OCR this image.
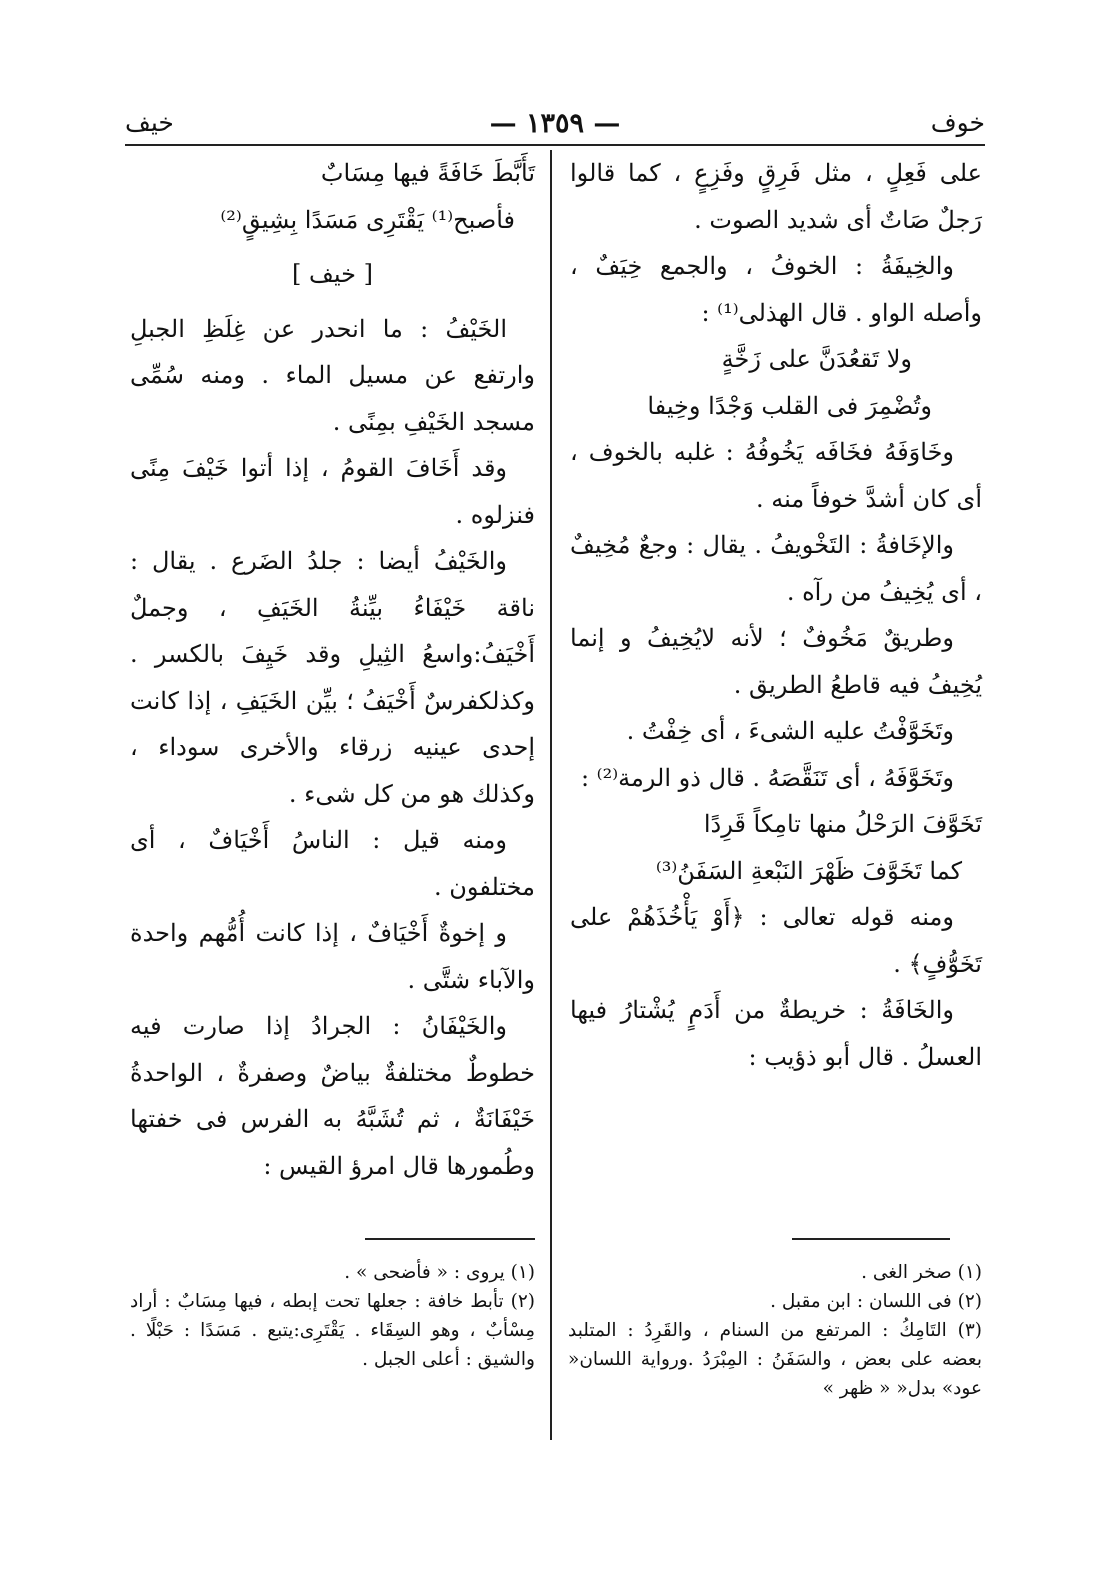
خوف
— ١٣٥٩ —
خيف

على فَعِلٍ ، مثل فَرِقٍ وفَزِعٍ ، كما قالوا رَجلٌ صَاتٌ أى شديد الصوت .

والخِيفَةُ : الخوفُ ، والجمع خِيَفٌ ، وأصله الواو . قال الهذلى⁽¹⁾ :

ولا تَقعُدَنَّ على زَخَّةٍ

وتُضْمِرَ فى القلب وَجْدًا وخِيفا

وخَاوَفَهُ فخَافَه يَخُوفُهُ : غلبه بالخوف ، أى كان أشدَّ خوفاً منه .

والإخَافةُ : التَخْويفُ . يقال : وجعٌ مُخِيفٌ ، أى يُخِيفُ من رآه .

وطريقٌ مَخُوفٌ ؛ لأنه لايُخِيفُ و إنما يُخِيفُ فيه قاطعُ الطريق .

وتَخَوَّفْتُ عليه الشىءَ ، أى خِفْتُ .

وتَخَوَّفَهُ ، أى تَنَقَّصَهُ . قال ذو الرمة⁽²⁾ :

تَخَوَّفَ الرَحْلُ منها تامِكاً قَرِدًا

كما تَخَوَّفَ ظَهْرَ النَبْعةِ السَفَنُ⁽³⁾

ومنه قوله تعالى : ﴿أَوْ يَأْخُذَهُمْ على تَخَوُّفٍ﴾ .

والخَافَةُ : خريطةٌ من أَدَمٍ يُشْتارُ فيها العسلُ . قال أبو ذؤيب :

تَأَبَّطَ خَافَةً فيها مِسَابٌ

فأصبح⁽¹⁾ يَقْتَرِى مَسَدًا بِشِيقٍ⁽²⁾

[ خيف ]

الخَيْفُ : ما انحدر عن غِلَظِ الجبلِ وارتفع عن مسيل الماء . ومنه سُمِّى مسجد الخَيْفِ بمِنًى .

وقد أَخَافَ القومُ ، إذا أتوا خَيْفَ مِنًى فنزلوه .

والخَيْفُ أيضا : جلدُ الضَرع . يقال : ناقة خَيْفَاءُ بيِّنةُ الخَيَفِ ، وجملٌ أَخْيَفُ:واسعُ الثِيلِ وقد خَيِفَ بالكسر . وكذلكفرسٌ أَخْيَفُ ؛ بيِّن الخَيَفِ ، إذا كانت إحدى عينيه زرقاء والأخرى سوداء ، وكذلك هو من كل شىء .

ومنه قيل : الناسُ أَخْيَافٌ ، أى مختلفون .

و إخوةٌ أَخْيَافٌ ، إذا كانت أُمُّهم واحدة والآباء شتَّى .

والخَيْفَانُ : الجرادُ إذا صارت فيه خطوطٌ مختلفةٌ بياضٌ وصفرةٌ ، الواحدةُ خَيْفَانَةٌ ، ثم تُشَبَّهُ به الفرس فى خفتها وطُمورها قال امرؤ القيس :

(١) صخر الغى .

(٢) فى اللسان : ابن مقبل .

(٣) التَامِكُ : المرتفع من السنام ، والقَرِدُ : المتلبد بعضه على بعض ، والسَفَنُ : المِبْرَدُ .ورواية اللسان« عود» بدل« « ظهر »

(١) يروى : « فأضحى » .

(٢) تأبط خافة : جعلها تحت إبطه ، فيها مِسَابٌ : أراد مِسْأبٌ ، وهو السِقَاء . يَقْتَرِى:يتبع . مَسَدًا : حَبْلًا . والشيق : أعلى الجبل .
